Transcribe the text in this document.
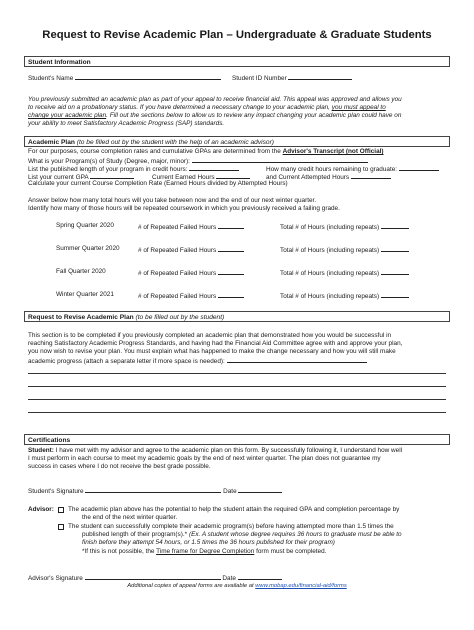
Request to Revise Academic Plan – Undergraduate & Graduate Students
Student Information
Student's Name	Student ID Number
You previously submitted an academic plan as part of your appeal to receive financial aid. This appeal was approved and allows you
to receive aid on a probationary status. If you have determined a necessary change to your academic plan, you must appeal to
change your academic plan. Fill out the sections below to allow us to review any impact changing your academic plan could have on
your ability to meet Satisfactory Academic Progress (SAP) standards.
Academic Plan (to be filled out by the student with the help of an academic advisor)
For our purposes, course completion rates and cumulative GPAs are determined from the Advisor's Transcript (not Official)
What is your Program(s) of Study (Degree, major, minor):
List the published length of your program in credit hours:	How many credit hours remaining to graduate:
List your current GPA	Current Earned Hours	and Current Attempted Hours
Calculate your current Course Completion Rate (Earned Hours divided by Attempted Hours)
Answer below how many total hours will you take between now and the end of our next winter quarter.
Identify how many of those hours will be repeated coursework in which you previously received a failing grade.
Spring Quarter 2020	# of Repeated Failed Hours	Total # of Hours (including repeats)
Summer Quarter 2020	# of Repeated Failed Hours	Total # of Hours (including repeats)
Fall Quarter 2020	# of Repeated Failed Hours	Total # of Hours (including repeats)
Winter Quarter 2021	# of Repeated Failed Hours	Total # of Hours (including repeats)
Request to Revise Academic Plan (to be filled out by the student)
This section is to be completed if you previously completed an academic plan that demonstrated how you would be successful in
reaching Satisfactory Academic Progress Standards, and having had the Financial Aid Committee agree with and approve your plan,
you now wish to revise your plan. You must explain what has happened to make the change necessary and how you will still make
academic progress (attach a separate letter if more space is needed):
Certifications
Student: I have met with my advisor and agree to the academic plan on this form. By successfully following it, I understand how well
I must perform in each course to meet my academic goals by the end of next winter quarter. The plan does not guarantee my
success in cases where I do not receive the best grade possible.
Student's Signature	Date
Advisor: The academic plan above has the potential to help the student attain the required GPA and completion percentage by
the end of the next winter quarter.
The student can successfully complete their academic program(s) before having attempted more than 1.5 times the
published length of their program(s).* (Ex. A student whose degree requires 36 hours to graduate must be able to
finish before they attempt 54 hours, or 1.5 times the 36 hours published for their program)
*If this is not possible, the Time frame for Degree Completion form must be completed.
Advisor's Signature	Date
Additional copies of appeal forms are available at www.mobap.edu/financial-aid/forms
